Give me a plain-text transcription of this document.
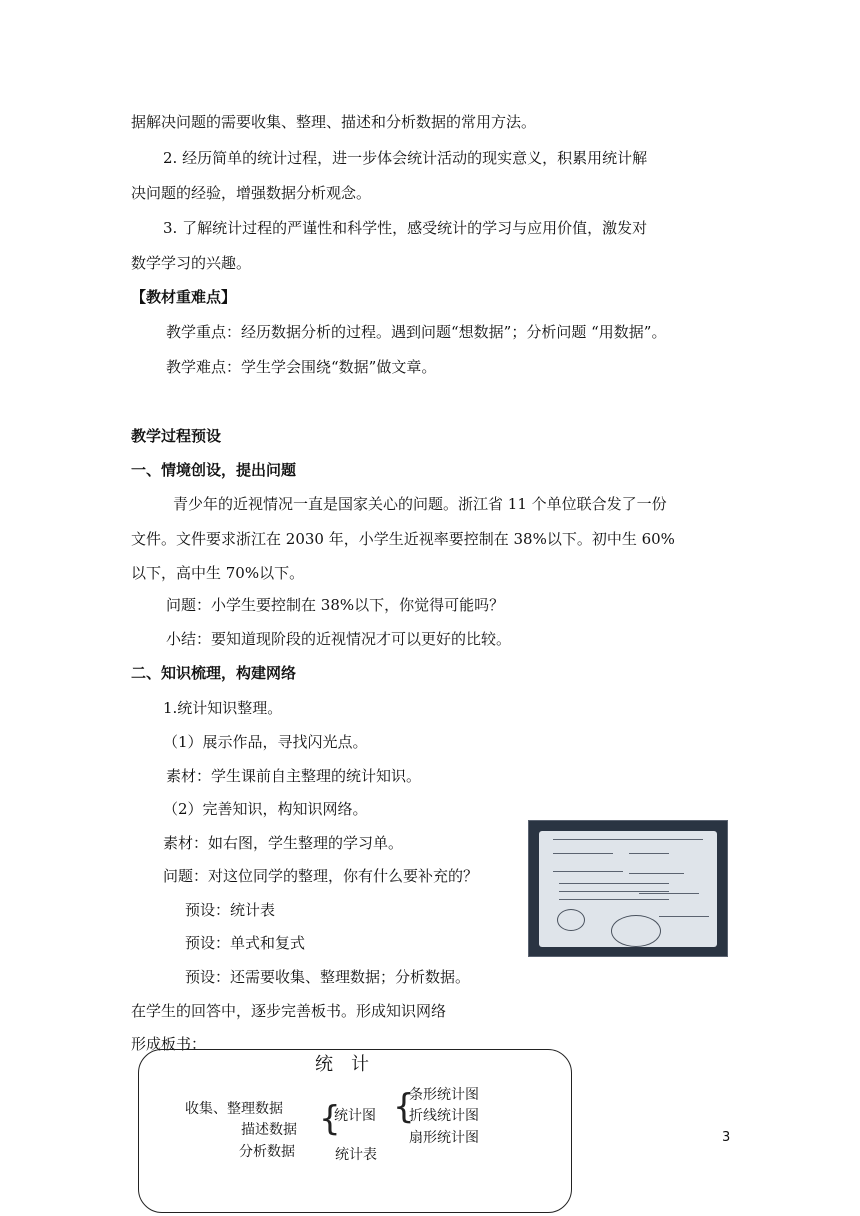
据解决问题的需要收集、整理、描述和分析数据的常用方法。
2. 经历简单的统计过程，进一步体会统计活动的现实意义，积累用统计解
决问题的经验，增强数据分析观念。
3. 了解统计过程的严谨性和科学性，感受统计的学习与应用价值，激发对
数学学习的兴趣。
【教材重难点】
教学重点：经历数据分析的过程。遇到问题“想数据”；分析问题 “用数据”。
教学难点：学生学会围绕“数据”做文章。
教学过程预设
一、情境创设，提出问题
青少年的近视情况一直是国家关心的问题。浙江省 11 个单位联合发了一份
文件。文件要求浙江在 2030 年，小学生近视率要控制在 38%以下。初中生 60%
以下，高中生 70%以下。
问题：小学生要控制在 38%以下，你觉得可能吗？
小结：要知道现阶段的近视情况才可以更好的比较。
二、知识梳理，构建网络
1.统计知识整理。
（1）展示作品，寻找闪光点。
素材：学生课前自主整理的统计知识。
（2）完善知识，构知识网络。
素材：如右图，学生整理的学习单。
问题：对这位同学的整理，你有什么要补充的？
预设：统计表
预设：单式和复式
预设：还需要收集、整理数据；分析数据。
在学生的回答中，逐步完善板书。形成知识网络
形成板书：
统　计
收集、整理数据
描述数据
分析数据
{
统计图
统计表
{
条形统计图
折线统计图
扇形统计图	3
